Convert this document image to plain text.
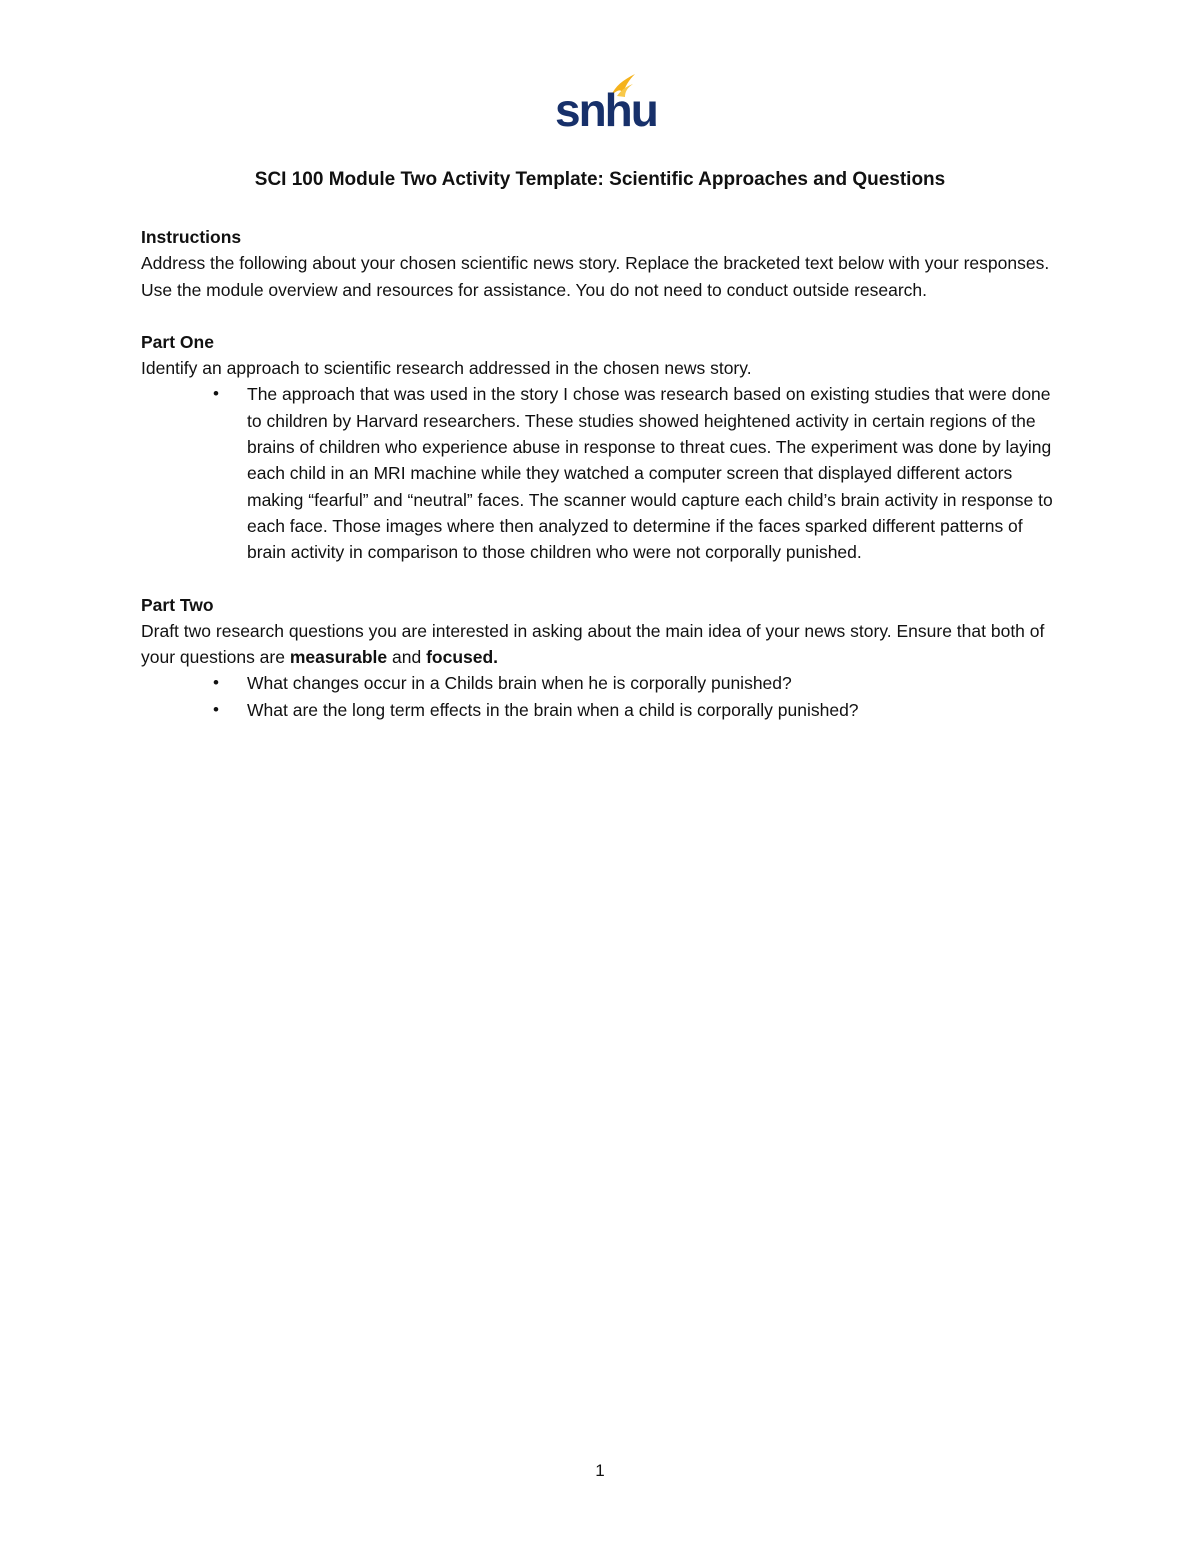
snhu
SCI 100 Module Two Activity Template: Scientific Approaches and Questions

Instructions

Address the following about your chosen scientific news story. Replace the bracketed text below with your responses. Use the module overview and resources for assistance. You do not need to conduct outside research.

Part One

Identify an approach to scientific research addressed in the chosen news story.

• The approach that was used in the story I chose was research based on existing studies that were done to children by Harvard researchers. These studies showed heightened activity in certain regions of the brains of children who experience abuse in response to threat cues. The experiment was done by laying each child in an MRI machine while they watched a computer screen that displayed different actors making “fearful” and “neutral” faces. The scanner would capture each child’s brain activity in response to each face. Those images where then analyzed to determine if the faces sparked different patterns of brain activity in comparison to those children who were not corporally punished.

Part Two

Draft two research questions you are interested in asking about the main idea of your news story. Ensure that both of your questions are measurable and focused.

• What changes occur in a Childs brain when he is corporally punished?
• What are the long term effects in the brain when a child is corporally punished?
1
